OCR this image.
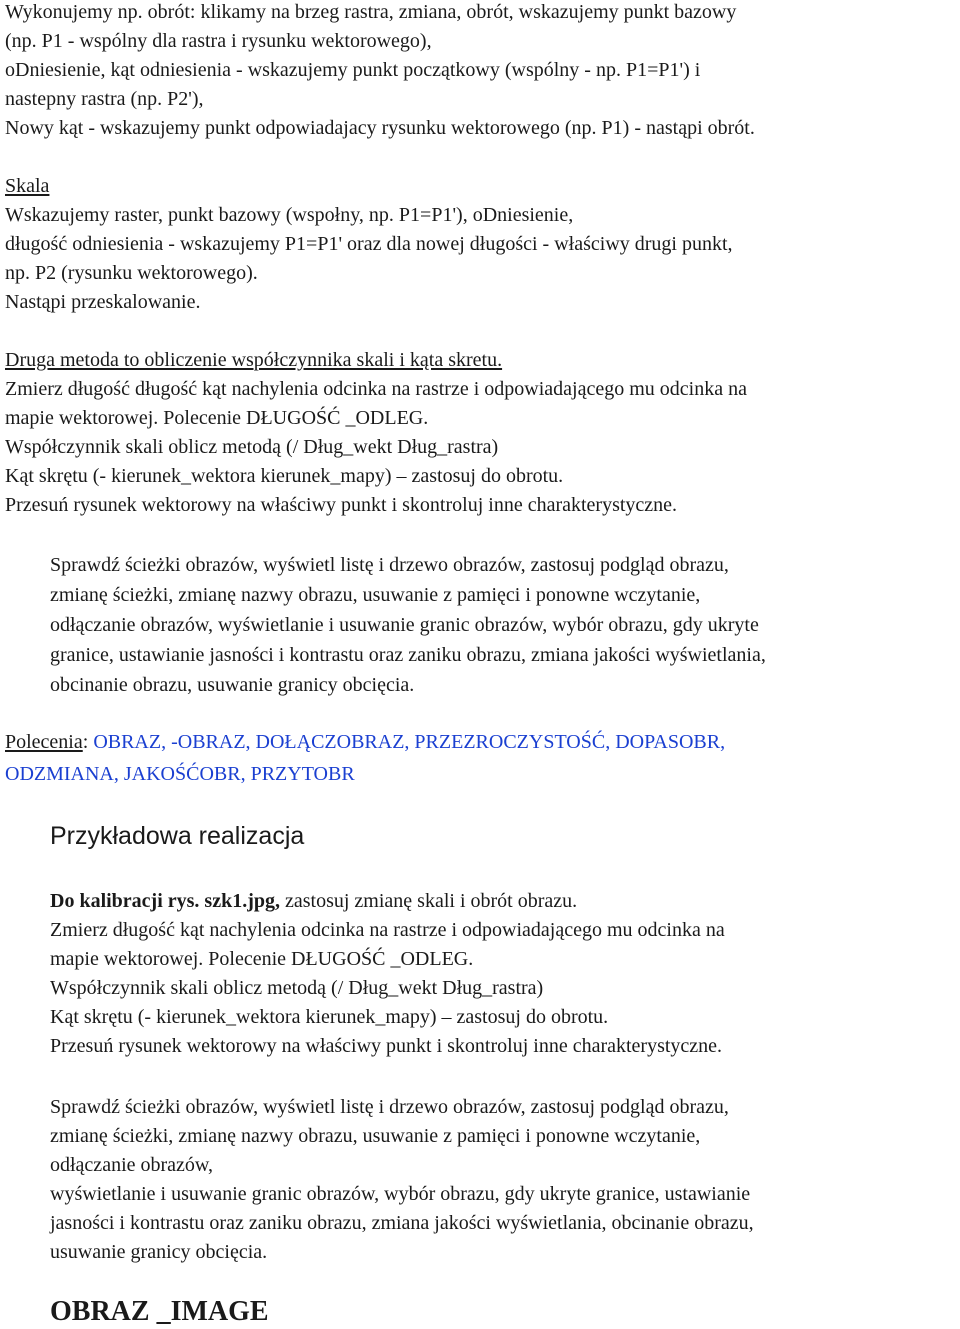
Wykonujemy np. obrót: klikamy na brzeg rastra, zmiana, obrót, wskazujemy punkt bazowy
(np. P1 - wspólny dla rastra i rysunku wektorowego),
oDniesienie, kąt odniesienia - wskazujemy punkt początkowy (wspólny - np. P1=P1') i
nastepny rastra (np. P2'),
Nowy kąt - wskazujemy punkt odpowiadajacy rysunku wektorowego (np. P1) - nastąpi obrót.
Skala
Wskazujemy raster, punkt bazowy (wspołny, np. P1=P1'), oDniesienie,
długość odniesienia - wskazujemy P1=P1' oraz dla nowej długości - właściwy drugi punkt,
np. P2 (rysunku wektorowego).
Nastąpi przeskalowanie.
Druga metoda to obliczenie współczynnika skali i kąta skretu.
Zmierz długość długość kąt nachylenia odcinka na rastrze i odpowiadającego mu odcinka na
mapie wektorowej. Polecenie DŁUGOŚĆ _ODLEG.
Współczynnik skali oblicz metodą (/ Dług_wekt Dług_rastra)
Kąt skrętu (- kierunek_wektora kierunek_mapy) – zastosuj do obrotu.
Przesuń rysunek wektorowy na właściwy punkt i skontroluj inne charakterystyczne.
Sprawdź ścieżki obrazów, wyświetl listę i drzewo obrazów, zastosuj podgląd obrazu,
zmianę ścieżki, zmianę nazwy obrazu, usuwanie z pamięci i ponowne wczytanie,
odłączanie obrazów, wyświetlanie i usuwanie granic obrazów, wybór obrazu, gdy ukryte
granice, ustawianie jasności i kontrastu oraz zaniku obrazu, zmiana jakości wyświetlania,
obcinanie obrazu, usuwanie granicy obcięcia.
Polecenia: OBRAZ, -OBRAZ, DOŁĄCZOBRAZ, PRZEZROCZYSTOŚĆ, DOPASOBR,
ODZMIANA, JAKOŚĆOBR, PRZYTOBR
Przykładowa realizacja
Do kalibracji rys. szk1.jpg, zastosuj zmianę skali i obrót obrazu.
Zmierz długość kąt nachylenia odcinka na rastrze i odpowiadającego mu odcinka na
mapie wektorowej. Polecenie DŁUGOŚĆ _ODLEG.
Współczynnik skali oblicz metodą (/ Dług_wekt Dług_rastra)
Kąt skrętu (- kierunek_wektora kierunek_mapy) – zastosuj do obrotu.
Przesuń rysunek wektorowy na właściwy punkt i skontroluj inne charakterystyczne.
Sprawdź ścieżki obrazów, wyświetl listę i drzewo obrazów, zastosuj podgląd obrazu,
zmianę ścieżki, zmianę nazwy obrazu, usuwanie z pamięci i ponowne wczytanie,
odłączanie obrazów,
wyświetlanie i usuwanie granic obrazów, wybór obrazu, gdy ukryte granice, ustawianie
jasności i kontrastu oraz zaniku obrazu, zmiana jakości wyświetlania, obcinanie obrazu,
usuwanie granicy obcięcia.
OBRAZ _IMAGE
